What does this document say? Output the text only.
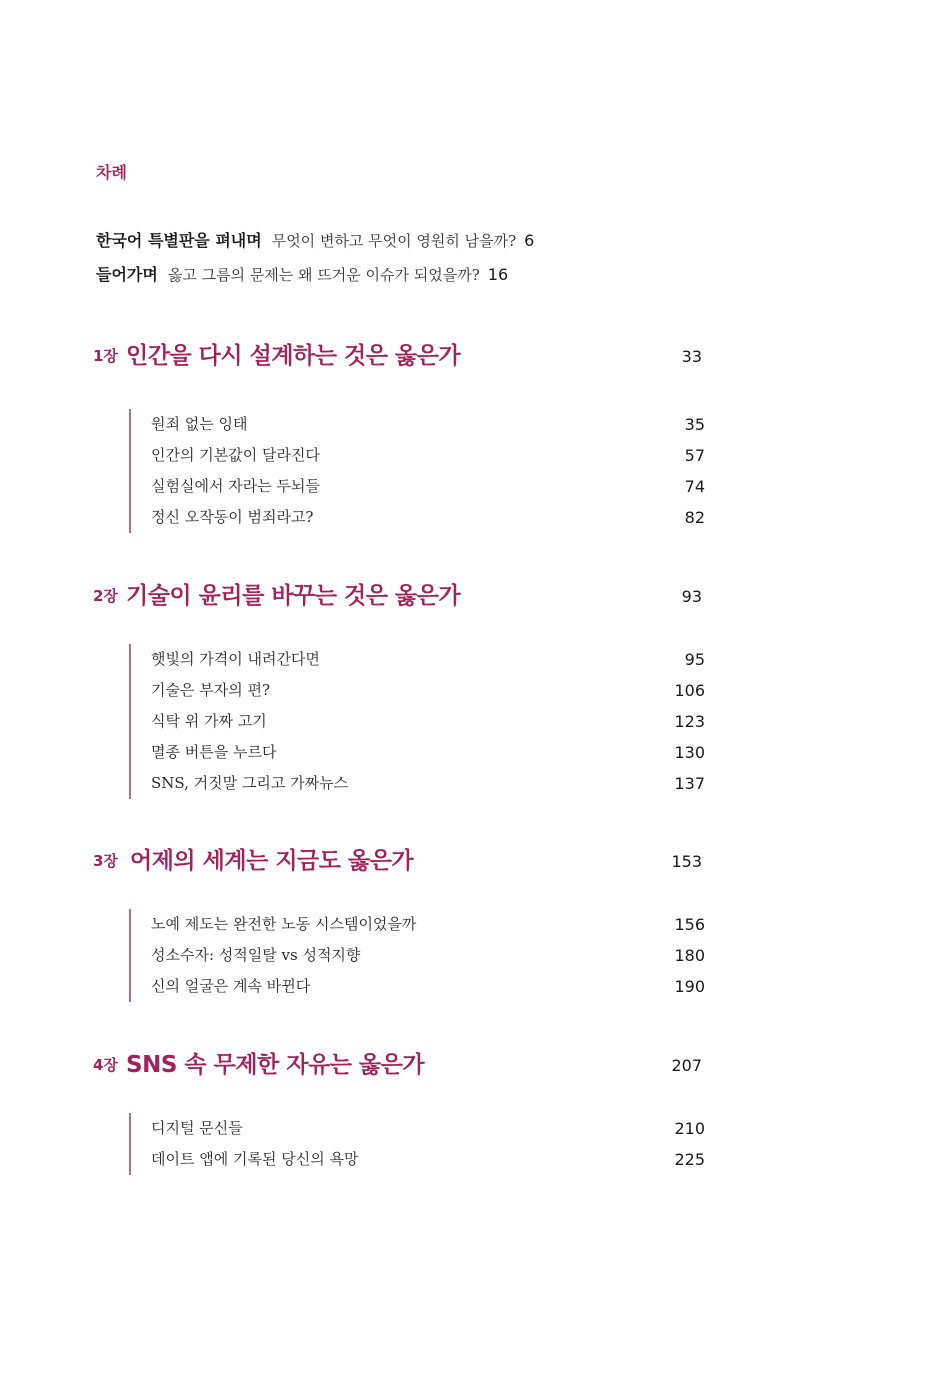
차례
한국어 특별판을 펴내며 무엇이 변하고 무엇이 영원히 남을까? 6
들어가며 옳고 그름의 문제는 왜 뜨거운 이슈가 되었을까? 16
1장 인간을 다시 설계하는 것은 옳은가	33
원죄 없는 잉태	35
인간의 기본값이 달라진다	57
실험실에서 자라는 두뇌들	74
정신 오작동이 범죄라고?	82
2장 기술이 윤리를 바꾸는 것은 옳은가	93
햇빛의 가격이 내려간다면	95
기술은 부자의 편?	106
식탁 위 가짜 고기	123
멸종 버튼을 누르다	130
SNS, 거짓말 그리고 가짜뉴스	137
3장 어제의 세계는 지금도 옳은가	153
노예 제도는 완전한 노동 시스템이었을까	156
성소수자: 성적일탈 vs 성적지향	180
신의 얼굴은 계속 바뀐다	190
4장 SNS 속 무제한 자유는 옳은가	207
디지털 문신들	210
데이트 앱에 기록된 당신의 욕망	225
